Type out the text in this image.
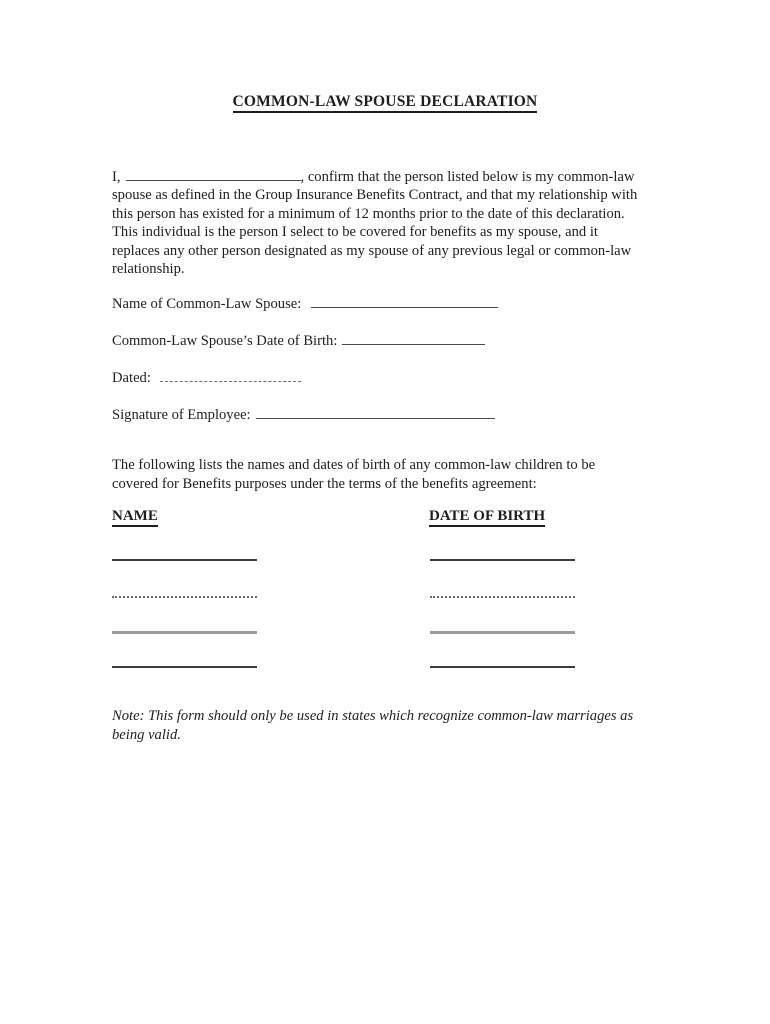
COMMON-LAW SPOUSE DECLARATION
I,	, confirm that the person listed below is my common-law
spouse as defined in the Group Insurance Benefits Contract, and that my relationship with
this person has existed for a minimum of 12 months prior to the date of this declaration.
This individual is the person I select to be covered for benefits as my spouse, and it
replaces any other person designated as my spouse of any previous legal or common-law
relationship.
Name of Common-Law Spouse:
Common-Law Spouse’s Date of Birth:
Dated:
Signature of Employee:
The following lists the names and dates of birth of any common-law children to be
covered for Benefits purposes under the terms of the benefits agreement:
NAME	DATE OF BIRTH
Note: This form should only be used in states which recognize common-law marriages as
being valid.
